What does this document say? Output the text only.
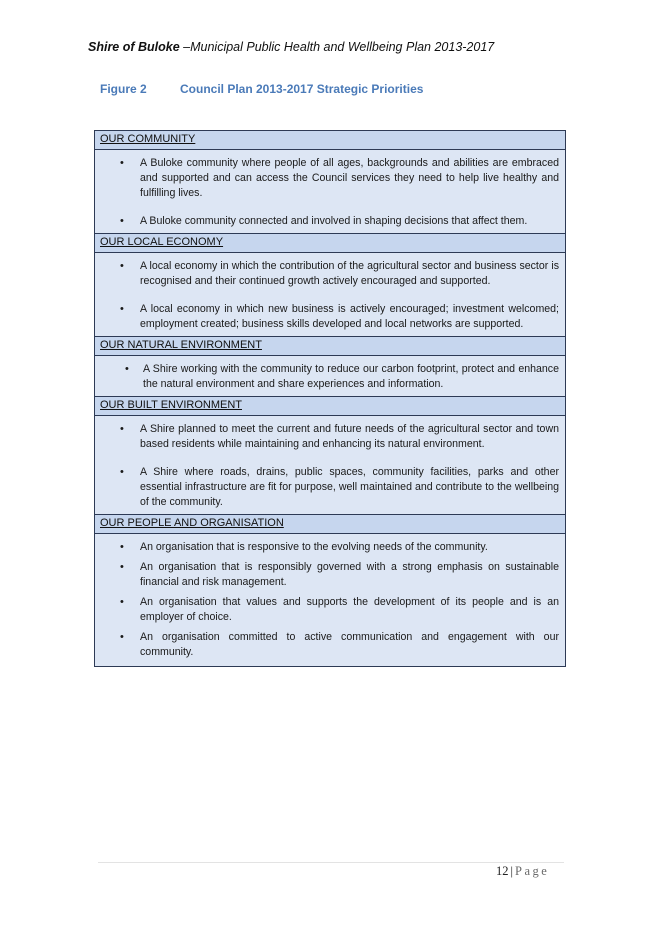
Shire of Buloke –Municipal Public Health and Wellbeing Plan 2013-2017
Figure 2	Council Plan 2013-2017 Strategic Priorities
OUR COMMUNITY
• A Buloke community where people of all ages, backgrounds and abilities are embraced and supported and can access the Council services they need to help live healthy and fulfilling lives.
• A Buloke community connected and involved in shaping decisions that affect them.
OUR LOCAL ECONOMY
• A local economy in which the contribution of the agricultural sector and business sector is recognised and their continued growth actively encouraged and supported.
• A local economy in which new business is actively encouraged; investment welcomed; employment created; business skills developed and local networks are supported.
OUR NATURAL ENVIRONMENT
• A Shire working with the community to reduce our carbon footprint, protect and enhance the natural environment and share experiences and information.
OUR BUILT ENVIRONMENT
• A Shire planned to meet the current and future needs of the agricultural sector and town based residents while maintaining and enhancing its natural environment.
• A Shire where roads, drains, public spaces, community facilities, parks and other essential infrastructure are fit for purpose, well maintained and contribute to the wellbeing of the community.
OUR PEOPLE AND ORGANISATION
• An organisation that is responsive to the evolving needs of the community.
• An organisation that is responsibly governed with a strong emphasis on sustainable financial and risk management.
• An organisation that values and supports the development of its people and is an employer of choice.
• An organisation committed to active communication and engagement with our community.
12 | Page
